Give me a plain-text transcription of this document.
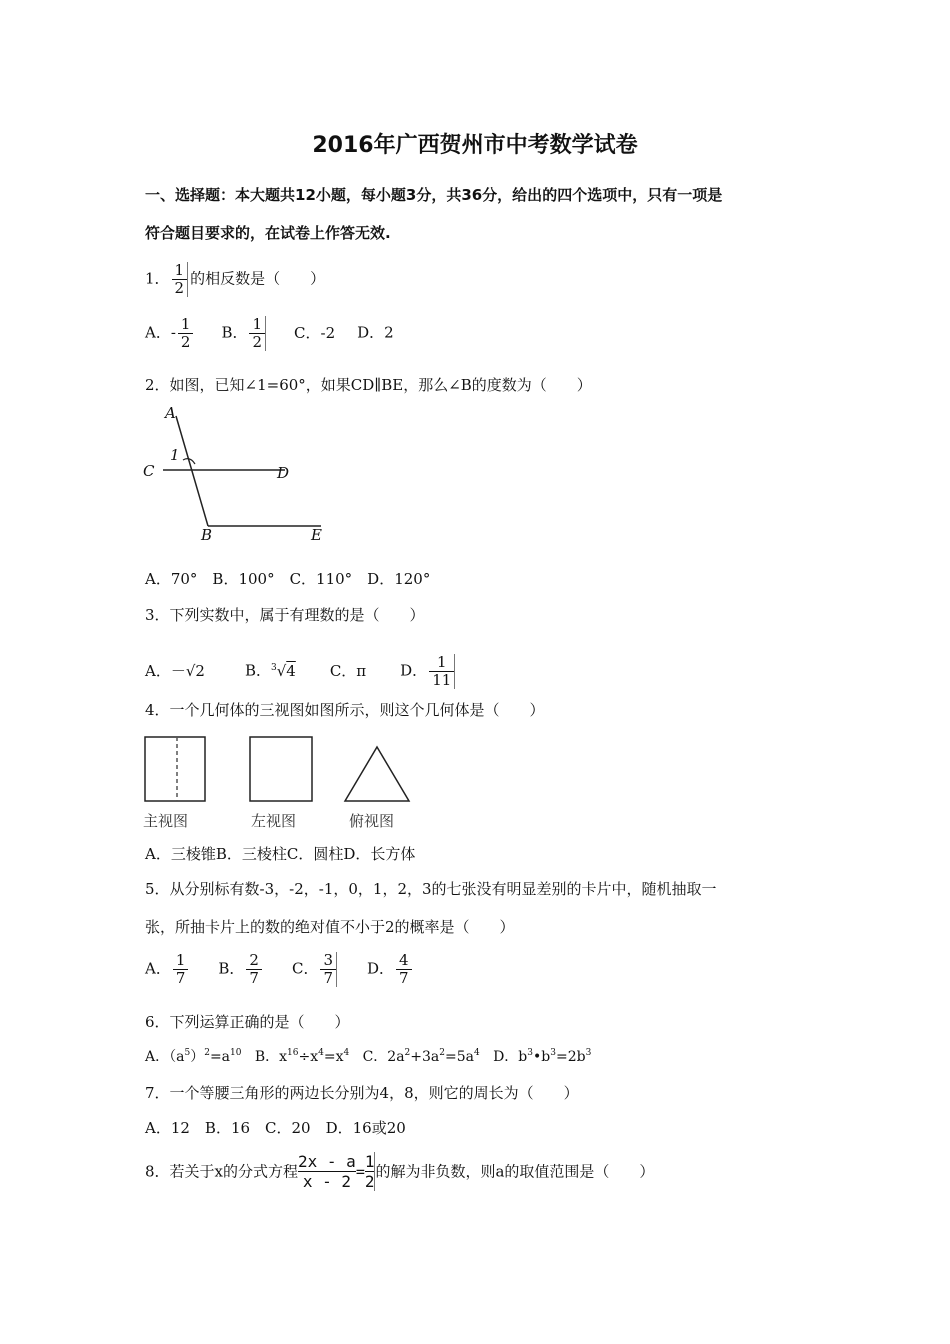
2016年广西贺州市中考数学试卷
一、选择题：本大题共12小题，每小题3分，共36分，给出的四个选项中，只有一项是
符合题目要求的，在试卷上作答无效.
1． $\frac{1}{2}$ 的相反数是（　　）
A．- $\frac{1}{2}$ B． $\frac{1}{2}$ C．-2 D．2
2．如图，已知∠1=60°，如果CD∥BE，那么∠B的度数为（　　）
A
C
1
D
B	E
A．70°　B．100°　C．110°　D．120°
3．下列实数中，属于有理数的是（　　）
A．－√2	B．$^3$√4 C．π D． $\frac{1}{11}$
4．一个几何体的三视图如图所示，则这个几何体是（　　）
主视图	左视图	俯视图
A．三棱锥B．三棱柱C．圆柱D．长方体
5．从分别标有数-3，-2，-1，0，1，2，3的七张没有明显差别的卡片中，随机抽取一
张，所抽卡片上的数的绝对值不小于2的概率是（　　）
A． $\frac{1}{7}$ B． $\frac{2}{7}$ C． $\frac{3}{7}$ D． $\frac{4}{7}$
6．下列运算正确的是（　　）
A．$(a^5)^2=a^{10}$ B．$x^{16}\div x^4=x^4$ C．$2a^2+3a^2=5a^4$ D．$b^3•b^3=2b^3$
7．一个等腰三角形的两边长分别为4，8，则它的周长为（　　）
A．12　B．16　C．20　D．16或20
8．若关于x的分式方程 $\frac{2x - a}{x - 2} = \frac{1}{2}$ 的解为非负数，则a的取值范围是（　　）
